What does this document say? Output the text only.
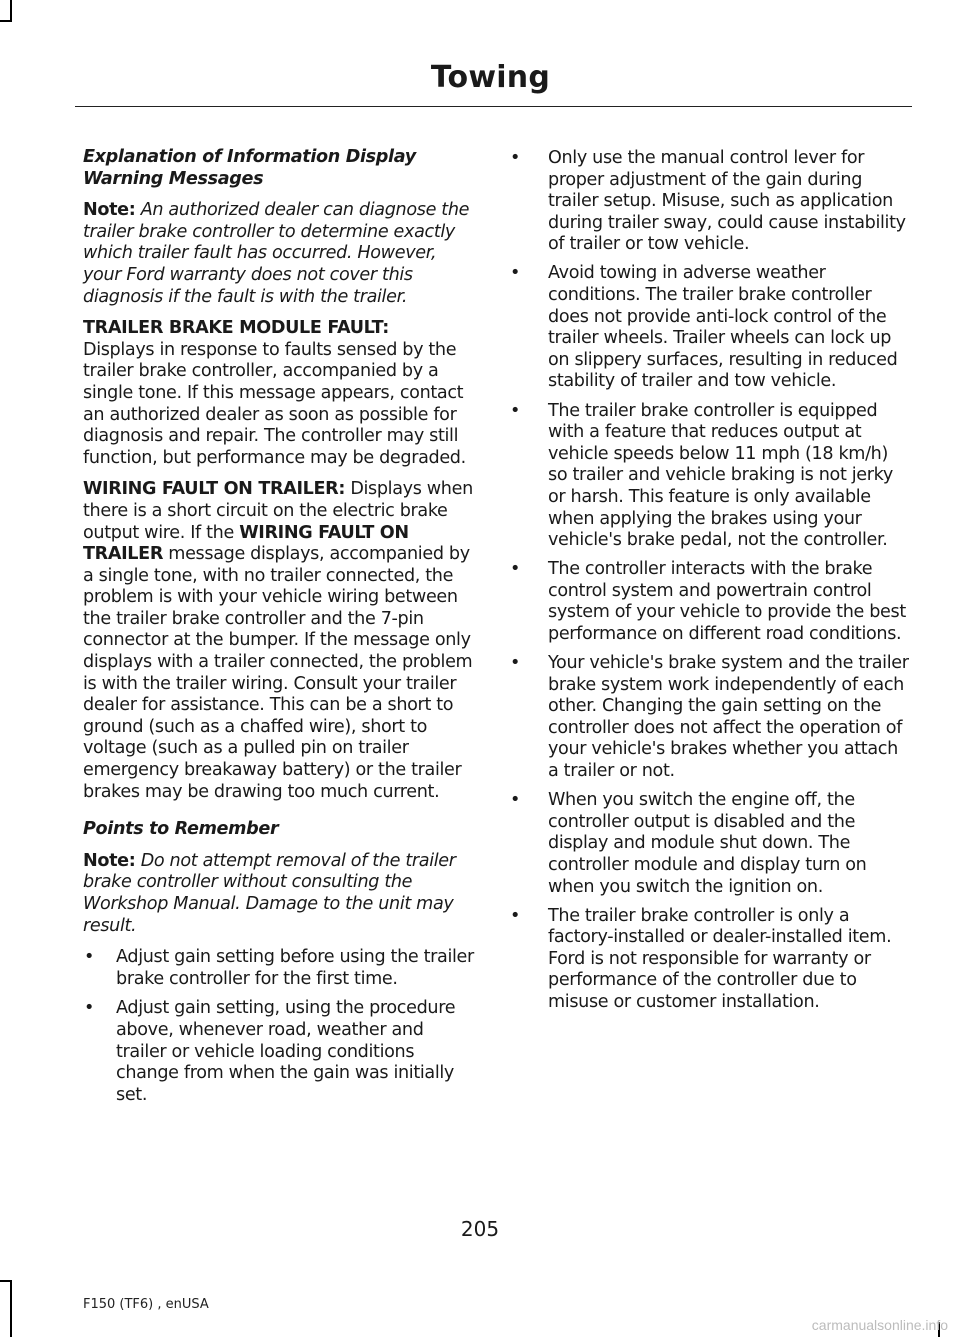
Towing
Explanation of Information Display Warning Messages

Note: An authorized dealer can diagnose the trailer brake controller to determine exactly which trailer fault has occurred. However, your Ford warranty does not cover this diagnosis if the fault is with the trailer.

TRAILER BRAKE MODULE FAULT:
Displays in response to faults sensed by the trailer brake controller, accompanied by a single tone. If this message appears, contact an authorized dealer as soon as possible for diagnosis and repair. The controller may still function, but performance may be degraded.

WIRING FAULT ON TRAILER: Displays when there is a short circuit on the electric brake output wire. If the WIRING FAULT ON TRAILER message displays, accompanied by a single tone, with no trailer connected, the problem is with your vehicle wiring between the trailer brake controller and the 7-pin connector at the bumper. If the message only displays with a trailer connected, the problem is with the trailer wiring. Consult your trailer dealer for assistance. This can be a short to ground (such as a chaffed wire), short to voltage (such as a pulled pin on trailer emergency breakaway battery) or the trailer brakes may be drawing too much current.

Points to Remember

Note: Do not attempt removal of the trailer brake controller without consulting the Workshop Manual. Damage to the unit may result.

• Adjust gain setting before using the trailer brake controller for the first time.
• Adjust gain setting, using the procedure above, whenever road, weather and trailer or vehicle loading conditions change from when the gain was initially set.
• Only use the manual control lever for proper adjustment of the gain during trailer setup. Misuse, such as application during trailer sway, could cause instability of trailer or tow vehicle.
• Avoid towing in adverse weather conditions. The trailer brake controller does not provide anti-lock control of the trailer wheels. Trailer wheels can lock up on slippery surfaces, resulting in reduced stability of trailer and tow vehicle.
• The trailer brake controller is equipped with a feature that reduces output at vehicle speeds below 11 mph (18 km/h) so trailer and vehicle braking is not jerky or harsh. This feature is only available when applying the brakes using your vehicle's brake pedal, not the controller.
• The controller interacts with the brake control system and powertrain control system of your vehicle to provide the best performance on different road conditions.
• Your vehicle's brake system and the trailer brake system work independently of each other. Changing the gain setting on the controller does not affect the operation of your vehicle's brakes whether you attach a trailer or not.
• When you switch the engine off, the controller output is disabled and the display and module shut down. The controller module and display turn on when you switch the ignition on.
• The trailer brake controller is only a factory-installed or dealer-installed item. Ford is not responsible for warranty or performance of the controller due to misuse or customer installation.
205
F150 (TF6) , enUSA
carmanualsonline.info
